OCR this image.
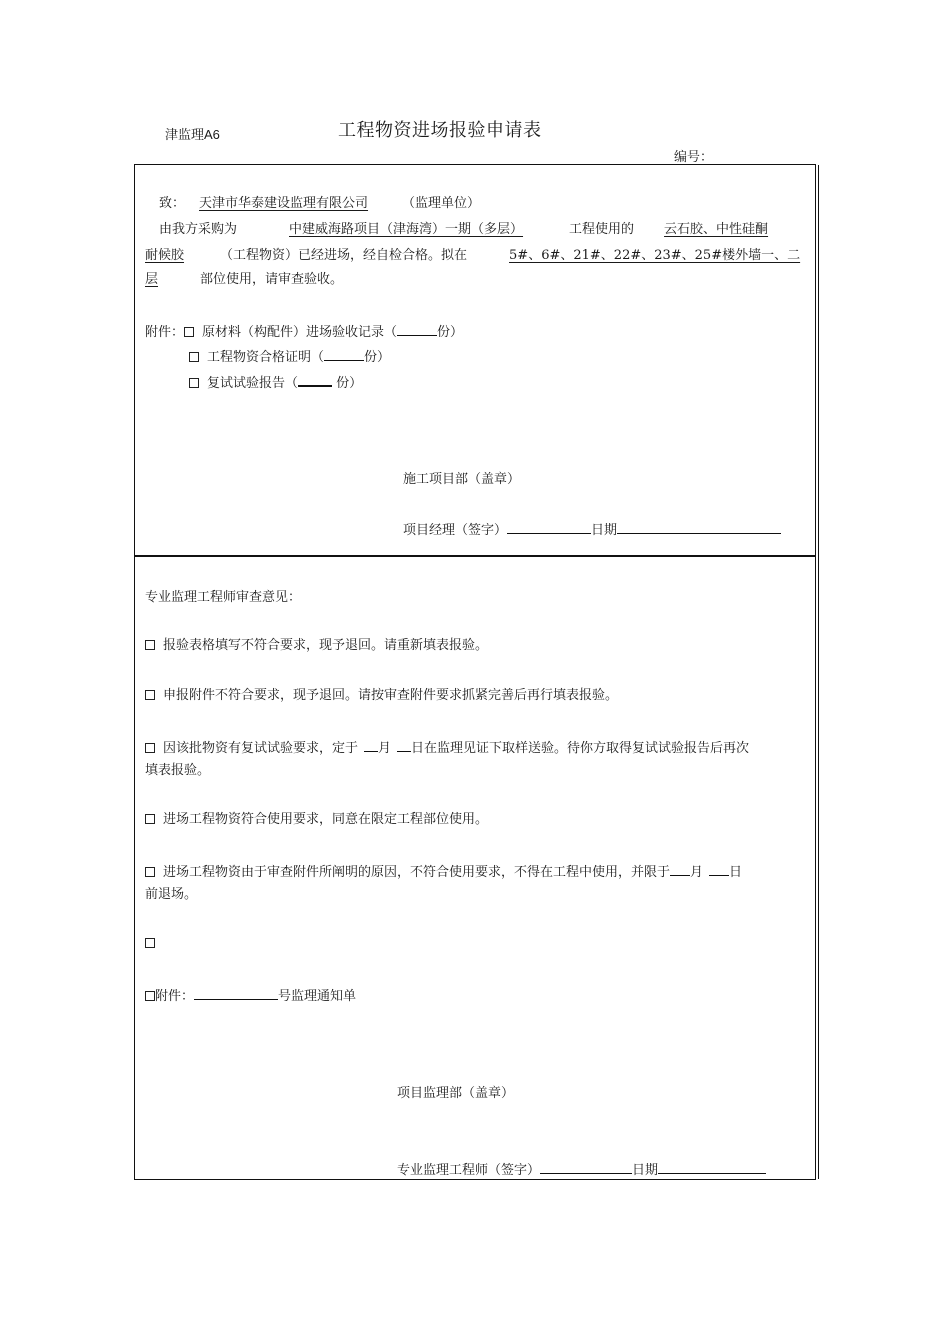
津监理A6	工程物资进场报验申请表
编号：
致： 天津市华泰建设监理有限公司	（监理单位）
由我方采购为	中建威海路项目（津海湾）一期（多层）	工程使用的 云石胶、中性硅酮
耐候胶	（工程物资）已经进场，经自检合格。拟在	5#、6#、21#、22#、23#、25#楼外墙一、二
层	部位使用，请审查验收。
附件： 原材料（构配件）进场验收记录（	份）
工程物资合格证明（	份）
复试试验报告（	份）
施工项目部（盖章）
项目经理（签字）	日期
专业监理工程师审查意见：
报验表格填写不符合要求，现予退回。请重新填表报验。
申报附件不符合要求，现予退回。请按审查附件要求抓紧完善后再行填表报验。
因该批物资有复试试验要求，定于 月 日在监理见证下取样送验。待你方取得复试试验报告后再次
填表报验。
进场工程物资符合使用要求，同意在限定工程部位使用。
进场工程物资由于审查附件所阐明的原因，不符合使用要求，不得在工程中使用，并限于 月 日
前退场。
附件：	号监理通知单
项目监理部（盖章）
专业监理工程师（签字）	日期
